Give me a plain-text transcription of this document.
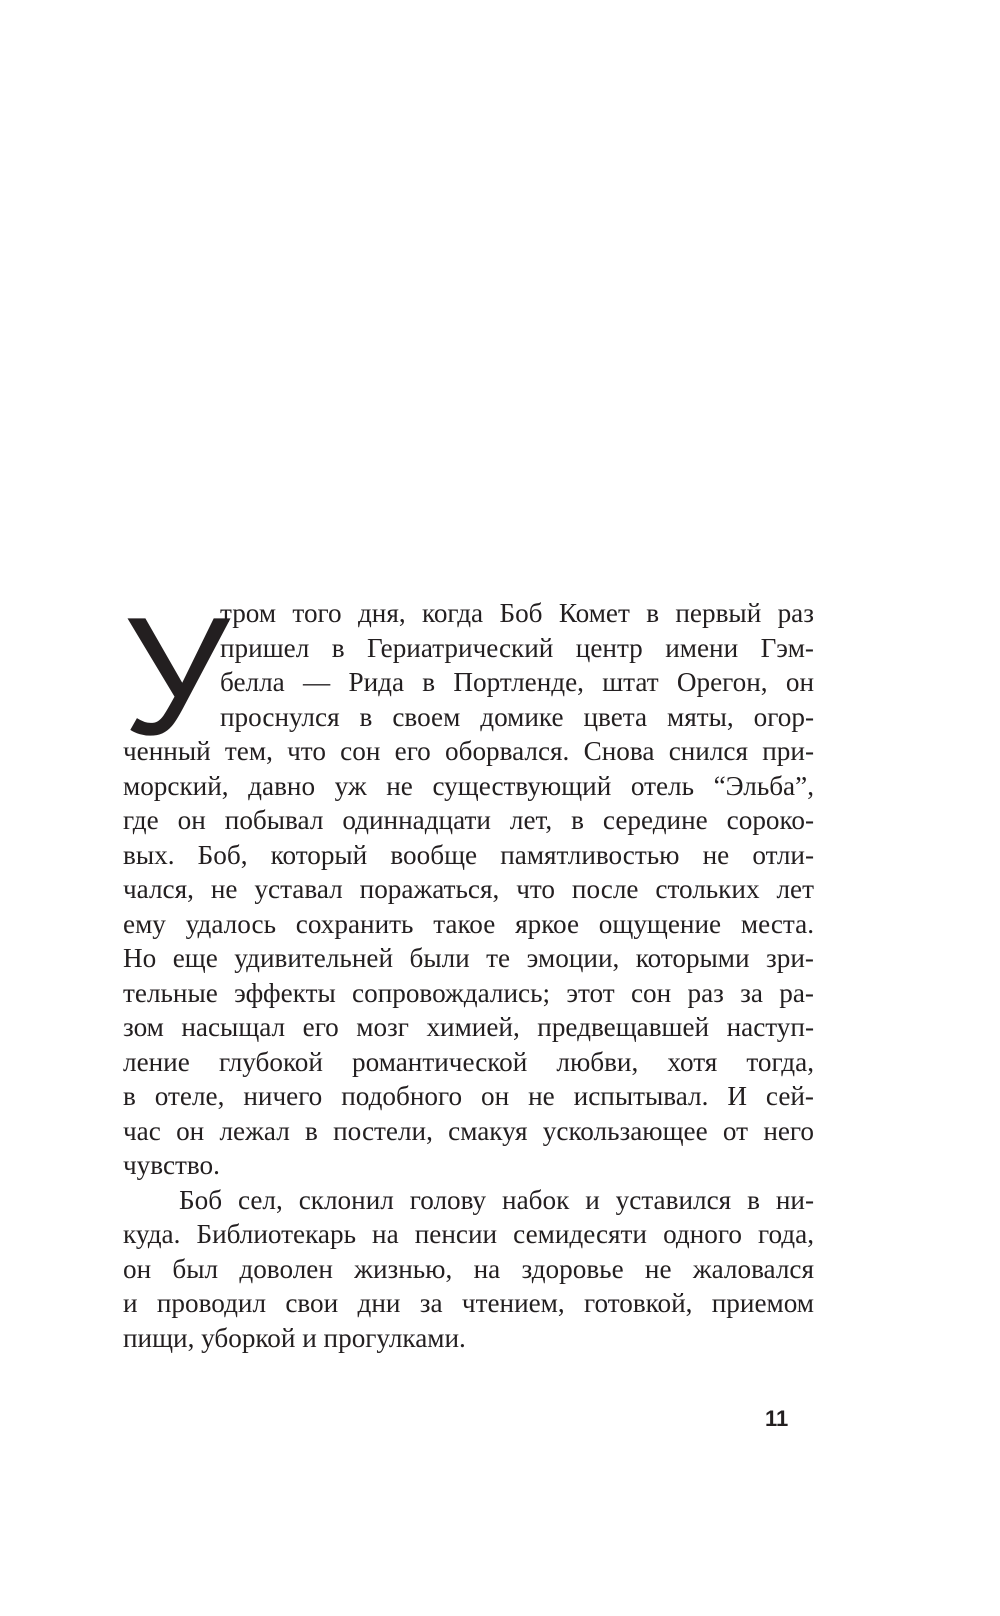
У
тром того дня, когда Боб Комет в первый раз
пришел в Гериатрический центр имени Гэм-
белла — Рида в Портленде, штат Орегон, он
проснулся в своем домике цвета мяты, огор-
ченный тем, что сон его оборвался. Снова снился при-
морский, давно уж не существующий отель “Эльба”,
где он побывал одиннадцати лет, в середине сороко-
вых. Боб, который вообще памятливостью не отли-
чался, не уставал поражаться, что после стольких лет
ему удалось сохранить такое яркое ощущение места.
Но еще удивительней были те эмоции, которыми зри-
тельные эффекты сопровождались; этот сон раз за ра-
зом насыщал его мозг химией, предвещавшей наступ-
ление глубокой романтической любви, хотя тогда,
в отеле, ничего подобного он не испытывал. И сей-
час он лежал в постели, смакуя ускользающее от него
чувство.
Боб сел, склонил голову набок и уставился в ни-
куда. Библиотекарь на пенсии семидесяти одного года,
он был доволен жизнью, на здоровье не жаловался
и проводил свои дни за чтением, готовкой, приемом
пищи, уборкой и прогулками.
11
